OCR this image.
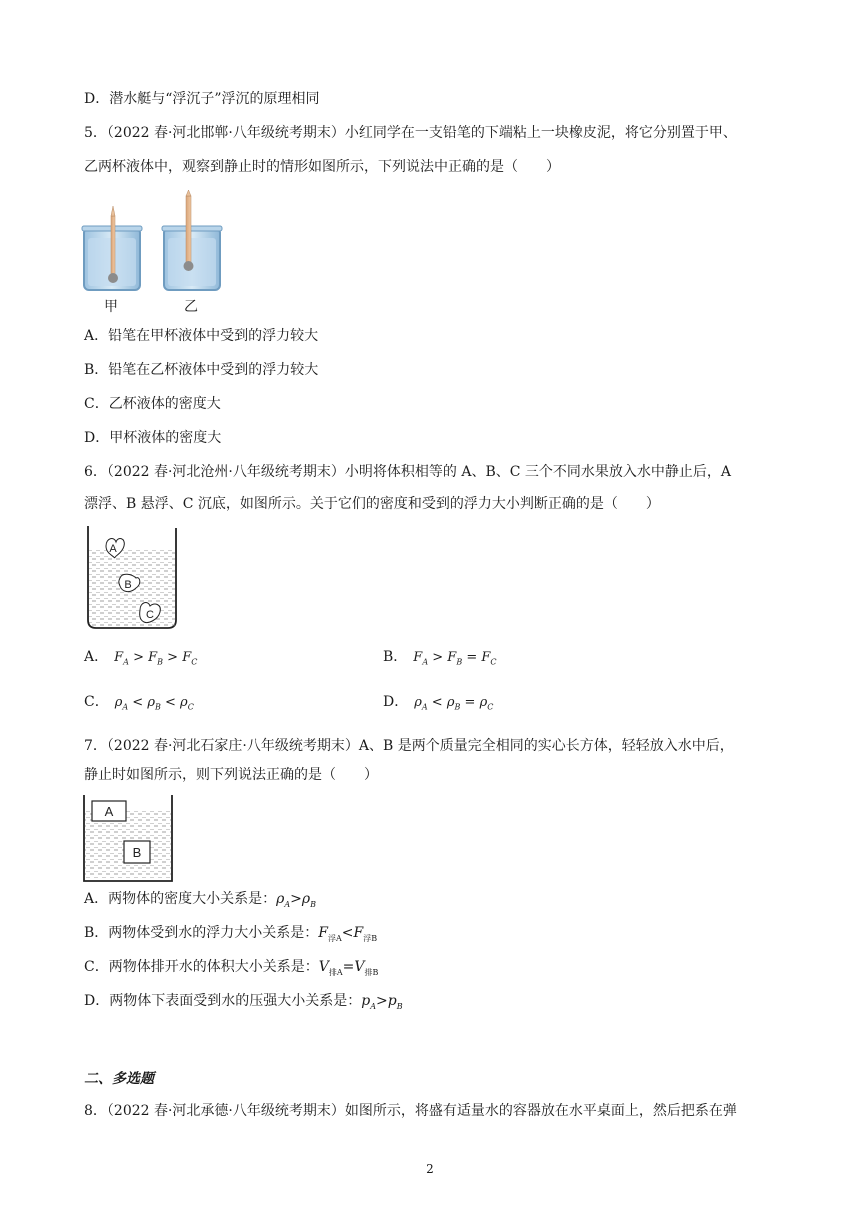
D．潜水艇与“浮沉子”浮沉的原理相同
5．（2022 春·河北邯郸·八年级统考期末）小红同学在一支铅笔的下端粘上一块橡皮泥，将它分别置于甲、
乙两杯液体中，观察到静止时的情形如图所示，下列说法中正确的是（　　）
甲	乙
A．铅笔在甲杯液体中受到的浮力较大
B．铅笔在乙杯液体中受到的浮力较大
C．乙杯液体的密度大
D．甲杯液体的密度大
6．（2022 春·河北沧州·八年级统考期末）小明将体积相等的 A、B、C 三个不同水果放入水中静止后，A
漂浮、B 悬浮、C 沉底，如图所示。关于它们的密度和受到的浮力大小判断正确的是（　　）
A
B
C
A． $F_A > F_B > F_C$	B． $F_A > F_B = F_C$
C． $\rho_A < \rho_B < \rho_C$	D． $\rho_A < \rho_B = \rho_C$
7．（2022 春·河北石家庄·八年级统考期末）A、B 是两个质量完全相同的实心长方体，轻轻放入水中后，
静止时如图所示，则下列说法正确的是（　　）
A
B
A．两物体的密度大小关系是：$\rho_A>\rho_B$
B．两物体受到水的浮力大小关系是：$F_{浮A}<F_{浮B}$
C．两物体排开水的体积大小关系是：$V_{排A}=V_{排B}$
D．两物体下表面受到水的压强大小关系是：$p_A>p_B$
二、多选题
8．（2022 春·河北承德·八年级统考期末）如图所示，将盛有适量水的容器放在水平桌面上，然后把系在弹
2
